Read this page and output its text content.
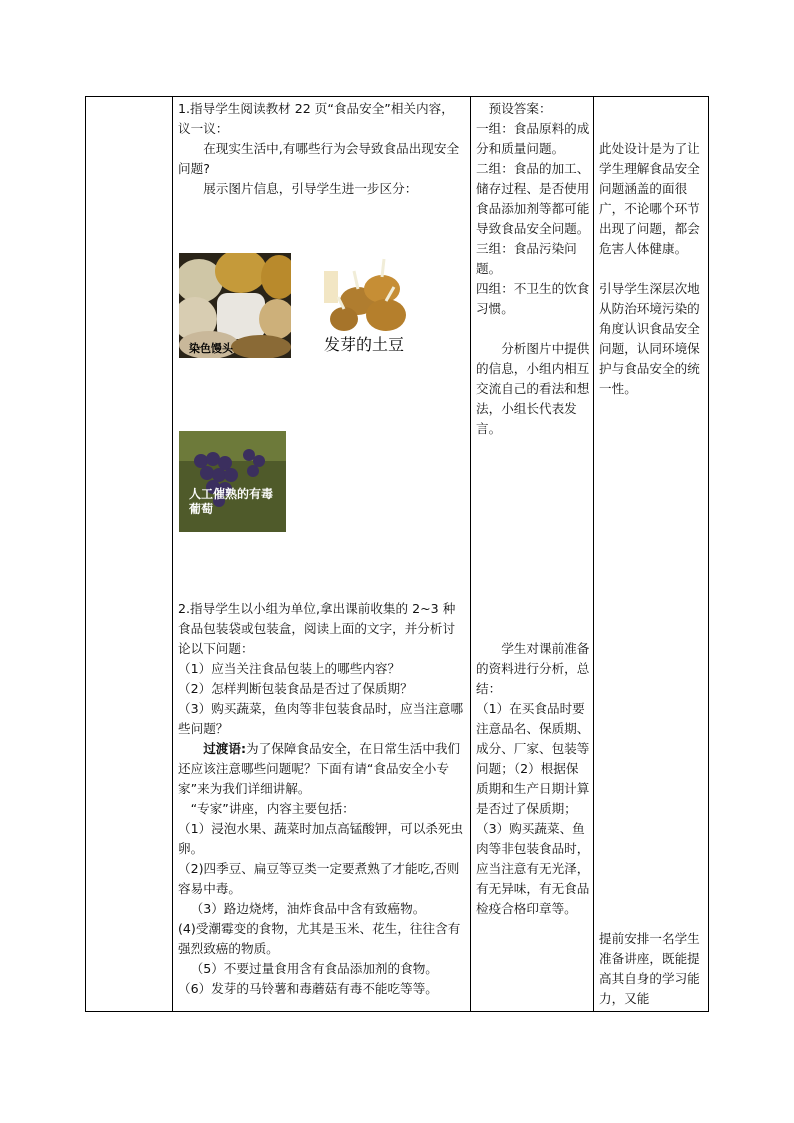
1.指导学生阅读教材 22 页“食品安全”相关内容，议一议：

在现实生活中,有哪些行为会导致食品出现安全问题?

展示图片信息，引导学生进一步区分：

染色馒头	发芽的土豆
人工催熟的有毒葡萄

2.指导学生以小组为单位,拿出课前收集的 2~3 种食品包装袋或包装盒，阅读上面的文字，并分析讨论以下问题：

（1）应当关注食品包装上的哪些内容？

（2）怎样判断包装食品是否过了保质期？

（3）购买蔬菜，鱼肉等非包装食品时，应当注意哪些问题？

过渡语:为了保障食品安全，在日常生活中我们还应该注意哪些问题呢？下面有请“食品安全小专家”来为我们详细讲解。

“专家”讲座，内容主要包括：

（1）浸泡水果、蔬菜时加点高锰酸钾，可以杀死虫卵。

（2)四季豆、扁豆等豆类一定要煮熟了才能吃,否则容易中毒。

（3）路边烧烤，油炸食品中含有致癌物。

(4)受潮霉变的食物，尤其是玉米、花生，往往含有强烈致癌的物质。

（5）不要过量食用含有食品添加剂的食物。

（6）发芽的马铃薯和毒蘑菇有毒不能吃等等。

预设答案：

一组：食品原料的成分和质量问题。

二组：食品的加工、储存过程、是否使用食品添加剂等都可能导致食品安全问题。

三组：食品污染问题。

四组：不卫生的饮食习惯。

分析图片中提供的信息，小组内相互交流自己的看法和想法，小组长代表发言。

学生对课前准备的资料进行分析，总结：

（1）在买食品时要注意品名、保质期、成分、厂家、包装等问题；（2）根据保质期和生产日期计算是否过了保质期；

（3）购买蔬菜、鱼肉等非包装食品时，应当注意有无光泽，有无异味，有无食品检疫合格印章等。

此处设计是为了让学生理解食品安全问题涵盖的面很广，不论哪个环节出现了问题，都会危害人体健康。

引导学生深层次地从防治环境污染的角度认识食品安全问题，认同环境保护与食品安全的统一性。

提前安排一名学生准备讲座，既能提高其自身的学习能力，又能
